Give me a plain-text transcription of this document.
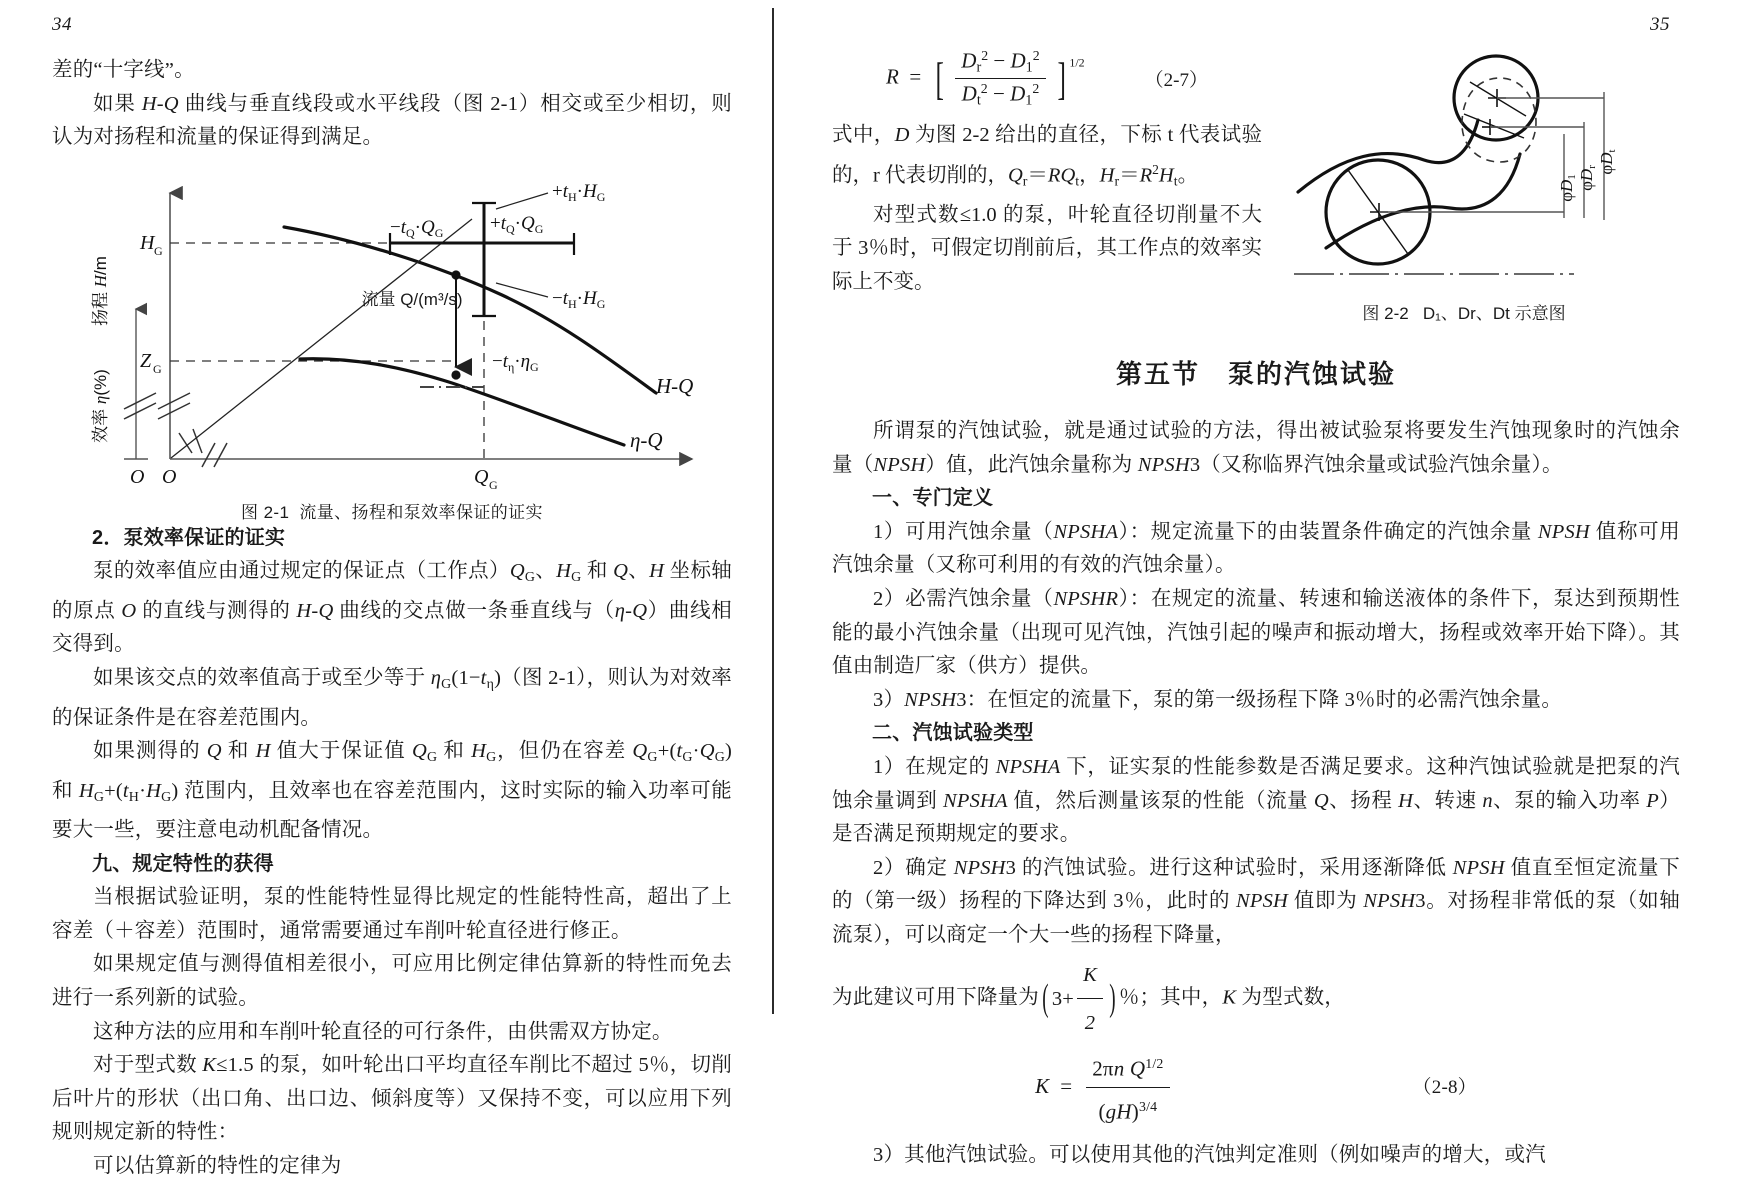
34

差的“十字线”。

如果 H-Q 曲线与垂直线段或水平线段（图 2-1）相交或至少相切，则认为对扬程和流量的保证得到满足。

H G
Z G
O O	Q G
扬程 H/m
效率 η(%)
$+t_H\cdot H_G$
$-t_Q\cdot Q_G +t_Q\cdot Q_G$
$-t_H\cdot H_G$
$-t_\eta\cdot\eta_G$
H-Q
η-Q
图 2-1 流量、扬程和泵效率保证的证实
流量 Q/(m³/s)

2．泵效率保证的证实

泵的效率值应由通过规定的保证点（工作点）$Q_G$、$H_G$ 和 Q、H 坐标轴的原点 O 的直线与测得的 H-Q 曲线的交点做一条垂直线与（η-Q）曲线相交得到。

如果该交点的效率值高于或至少等于 $\eta_G(1-t_\eta)$（图 2-1），则认为对效率的保证条件是在容差范围内。

如果测得的 Q 和 H 值大于保证值 $Q_G$ 和 $H_G$，但仍在容差 $Q_G+(t_G\cdot Q_G)$ 和 $H_G+(t_H\cdot H_G)$ 范围内，且效率也在容差范围内，这时实际的输入功率可能要大一些，要注意电动机配备情况。

九、规定特性的获得

当根据试验证明，泵的性能特性显得比规定的性能特性高，超出了上容差（＋容差）范围时，通常需要通过车削叶轮直径进行修正。

如果规定值与测得值相差很小，可应用比例定律估算新的特性而免去进行一系列新的试验。

这种方法的应用和车削叶轮直径的可行条件，由供需双方协定。

对于型式数 K≤1.5 的泵，如叶轮出口平均直径车削比不超过 5％，切削后叶片的形状（出口角、出口边、倾斜度等）又保持不变，可以应用下列规则规定新的特性：

可以估算新的特性的定律为

35
R  =  [ $\frac{D_r^2 - D_1^2}{D_t^2 - D_1^2}$ ] $^{1/2}$
（2-7）

式中，D 为图 2-2 给出的直径，下标 t 代表试验的，r 代表切削的，$Q_r=RQ_t$，$H_r=R^2H_t$。

对型式数≤1.0 的泵，叶轮直径切削量不大于 3％时，可假定切削前后，其工作点的效率实际上不变。

φDt
φDr
φD1
图 2-2 D₁、Dr、Dt 示意图
第五节　泵的汽蚀试验

所谓泵的汽蚀试验，就是通过试验的方法，得出被试验泵将要发生汽蚀现象时的汽蚀余量（NPSH）值，此汽蚀余量称为 NPSH3（又称临界汽蚀余量或试验汽蚀余量）。

一、专门定义

1）可用汽蚀余量（NPSHA）：规定流量下的由装置条件确定的汽蚀余量 NPSH 值称可用汽蚀余量（又称可利用的有效的汽蚀余量）。

2）必需汽蚀余量（NPSHR）：在规定的流量、转速和输送液体的条件下，泵达到预期性能的最小汽蚀余量（出现可见汽蚀，汽蚀引起的噪声和振动增大，扬程或效率开始下降）。其值由制造厂家（供方）提供。

3）NPSH3：在恒定的流量下，泵的第一级扬程下降 3％时的必需汽蚀余量。

二、汽蚀试验类型

1）在规定的 NPSHA 下，证实泵的性能参数是否满足要求。这种汽蚀试验就是把泵的汽蚀余量调到 NPSHA 值，然后测量该泵的性能（流量 Q、扬程 H、转速 n、泵的输入功率 P）是否满足预期规定的要求。

2）确定 NPSH3 的汽蚀试验。进行这种试验时，采用逐渐降低 NPSH 值直至恒定流量下的（第一级）扬程的下降达到 3％，此时的 NPSH 值即为 NPSH3。对扬程非常低的泵（如轴流泵），可以商定一个大一些的扬程下降量，

为此建议可用下降量为 ( $3+ \frac{K}{2}$ ) ％；其中，K 为型式数，

$K = \frac{2\pi n Q^{1/2}}{(gH)^{3/4}}$	（2-8）

3）其他汽蚀试验。可以使用其他的汽蚀判定准则（例如噪声的增大，或汽
